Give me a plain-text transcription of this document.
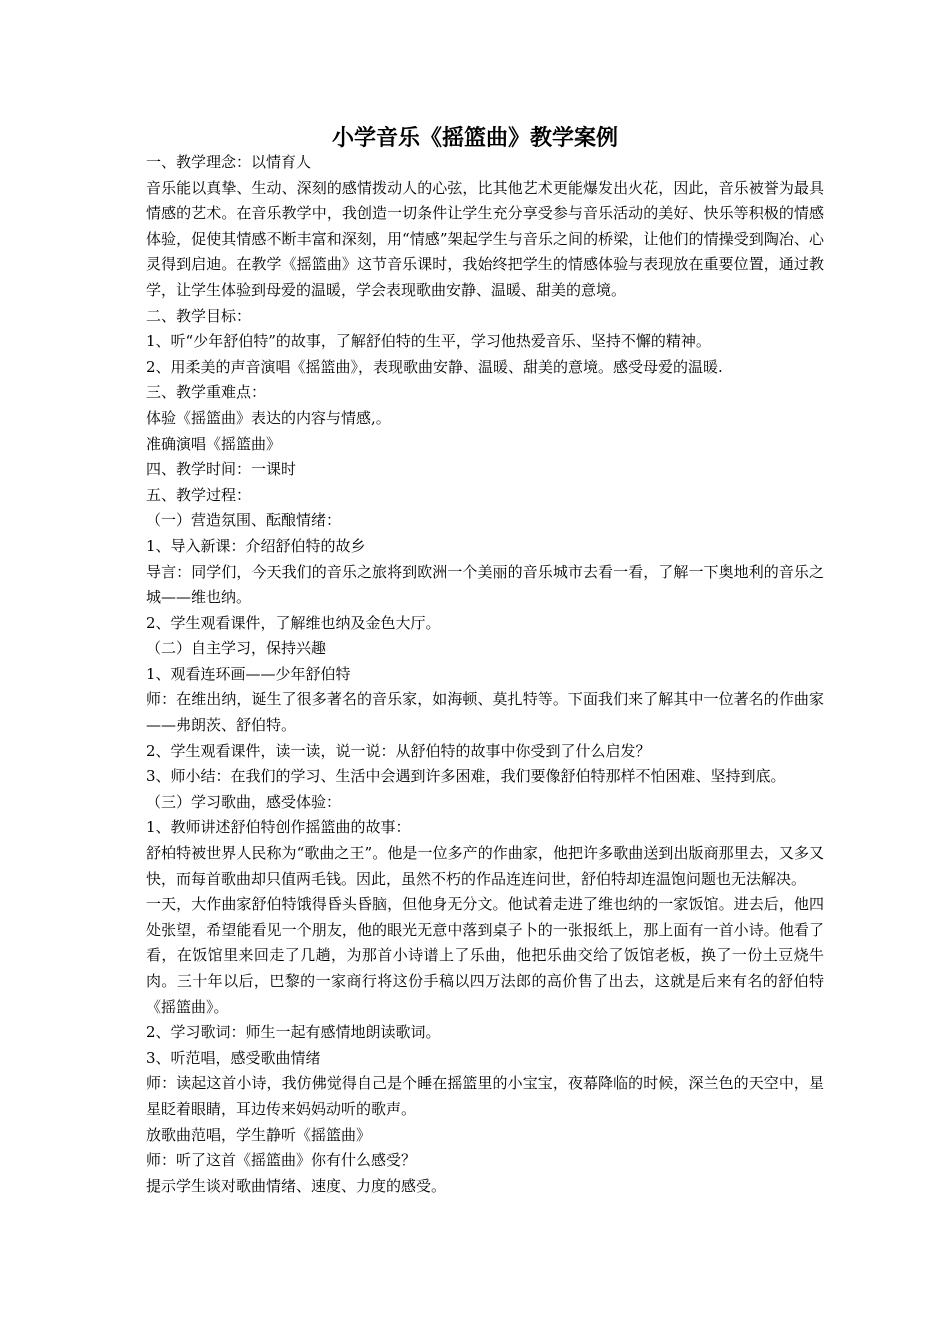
小学音乐《摇篮曲》教学案例

一、教学理念：以情育人

音乐能以真挚、生动、深刻的感情拨动人的心弦，比其他艺术更能爆发出火花，因此，音乐被誉为最具情感的艺术。在音乐教学中，我创造一切条件让学生充分享受参与音乐活动的美好、快乐等积极的情感体验，促使其情感不断丰富和深刻，用“情感”架起学生与音乐之间的桥梁，让他们的情操受到陶冶、心灵得到启迪。在教学《摇篮曲》这节音乐课时，我始终把学生的情感体验与表现放在重要位置，通过教学，让学生体验到母爱的温暖，学会表现歌曲安静、温暖、甜美的意境。

二、教学目标：

1、听“少年舒伯特”的故事，了解舒伯特的生平，学习他热爱音乐、坚持不懈的精神。

2、用柔美的声音演唱《摇篮曲》，表现歌曲安静、温暖、甜美的意境。感受母爱的温暖.

三、教学重难点：

体验《摇篮曲》表达的内容与情感,。

准确演唱《摇篮曲》

四、教学时间：一课时

五、教学过程：

（一）营造氛围、酝酿情绪：

1、导入新课：介绍舒伯特的故乡

导言：同学们，今天我们的音乐之旅将到欧洲一个美丽的音乐城市去看一看，了解一下奥地利的音乐之城——维也纳。

2、学生观看课件，了解维也纳及金色大厅。

（二）自主学习，保持兴趣

1、观看连环画——少年舒伯特

师：在维出纳，诞生了很多著名的音乐家，如海顿、莫扎特等。下面我们来了解其中一位著名的作曲家——弗朗茨、舒伯特。

2、学生观看课件，读一读，说一说：从舒伯特的故事中你受到了什么启发？

3、师小结：在我们的学习、生活中会遇到许多困难，我们要像舒伯特那样不怕困难、坚持到底。

（三）学习歌曲，感受体验：

1、教师讲述舒伯特创作摇篮曲的故事：

舒柏特被世界人民称为“歌曲之王”。他是一位多产的作曲家，他把许多歌曲送到出版商那里去，又多又快，而每首歌曲却只值两毛钱。因此，虽然不朽的作品连连问世，舒伯特却连温饱问题也无法解决。

一天，大作曲家舒伯特饿得昏头昏脑，但他身无分文。他试着走进了维也纳的一家饭馆。进去后，他四处张望，希望能看见一个朋友，他的眼光无意中落到桌子卜的一张报纸上，那上面有一首小诗。他看了看，在饭馆里来回走了几趟，为那首小诗谱上了乐曲，他把乐曲交给了饭馆老板，换了一份土豆烧牛肉。三十年以后，巴黎的一家商行将这份手稿以四万法郎的高价售了出去，这就是后来有名的舒伯特《摇篮曲》。

2、学习歌词：师生一起有感情地朗读歌词。

3、听范唱，感受歌曲情绪

师：读起这首小诗，我仿佛觉得自己是个睡在摇篮里的小宝宝，夜幕降临的时候，深兰色的天空中，星星眨着眼睛，耳边传来妈妈动听的歌声。

放歌曲范唱，学生静听《摇篮曲》

师：听了这首《摇篮曲》你有什么感受？

提示学生谈对歌曲情绪、速度、力度的感受。
